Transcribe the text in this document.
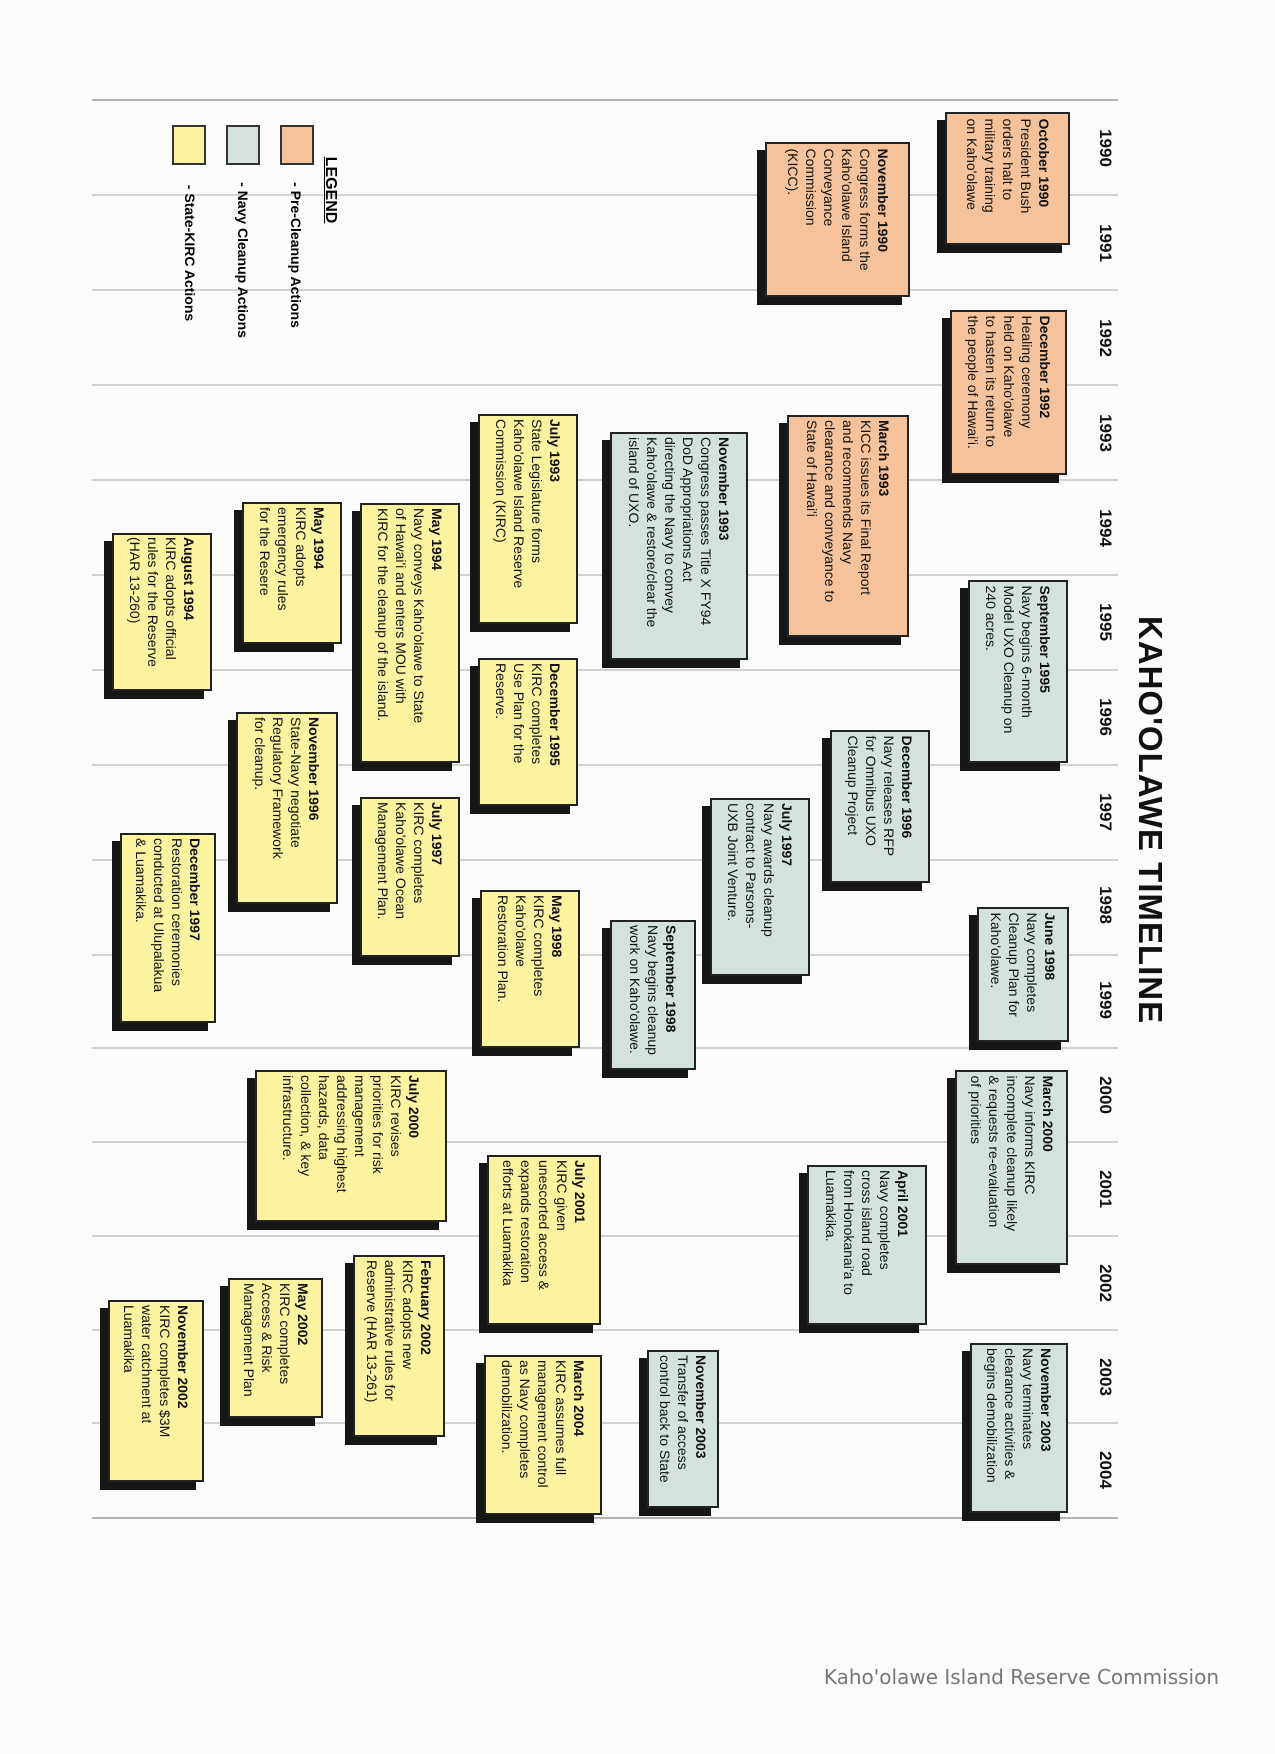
KAHO'OLAWE TIMELINE
1990
1991
1992
1993
1994
1995
1996
1997
1998
1999
2000
2001
2002
2003
2004
LEGEND
- Pre-Cleanup Actions
- Navy Cleanup Actions
- State-KIRC Actions
October 1990
President Bush
orders halt to
military training
on Kaho'olawe
November 1990
Congress forms the
Kaho'olawe Island
Conveyance
Commission
(KICC).
December 1992
Healing ceremony
held on Kaho'olawe
to hasten its return to
the people of Hawai'i.
March 1993
KICC issues its Final Report
and recommends Navy
clearance and conveyance to
State of Hawai'i
November 1993
Congress passes Title X FY94
DoD Appropriations Act
directing the Navy to convey
Kaho'olawe & restore/clear the
island of UXO.
July 1993
State Legislature forms
Kaho'olawe Island Reserve
Commission (KIRC)
May 1994
Navy conveys Kaho'olawe to State
of Hawai'i and enters MOU with
KIRC for the cleanup of the island.
May 1994
KIRC adopts
emergency rules
for the Resere
August 1994
KIRC adopts official
rules for the Reserve
(HAR 13-260)
September 1995
Navy begins 6-month
Model UXO Cleanup on
240 acres.
December 1995
KIRC completes
Use Plan for the
Reserve.
December 1996
Navy releases RFP
for Omnibus UXO
Cleanup Project
November 1996
State-Navy negotiate
Regulatory Framework
for cleanup.
July 1997
Navy awards cleanup
contract to Parsons-
UXB Joint Venture.
July 1997
KIRC completes
Kaho'olawe Ocean
Management Plan.
December 1997
Restoration ceremonies
conducted at Ulupalakua
& Luamakika.
June 1998
Navy completes
Cleanup Plan for
Kaho'olawe.
May 1998
KIRC completes
Kaho'olawe
Restoration Plan.	September 1998
Navy begins cleanup
work on Kaho'olawe.
March 2000
Navy informs KIRC
incomplete cleanup likely
& requests re-evaluation
of priorities
July 2000
KIRC revises
priorities for risk
management
addressing highest
hazards, data
collection, & key
infrastructure.
April 2001
Navy completes
cross island road
from Honokanai'a to
Luamakika.
July 2001
KIRC given
unescorted access &
expands restoration
efforts at Luamakika
February 2002
KIRC adopts new
administrative rules for
Reserve (HAR 13-261)
May 2002
KIRC completes
Access & Risk
Management Plan
November 2002
KIRC completes $3M
water catchment at
Luamakika
November 2003
Navy terminates
clearance activities &
begins demobilization
November 2003
Transfer of access
control back to State
March 2004
KIRC assumes full
management control
as Navy completes
demobilization.
Kaho'olawe Island Reserve Commission
